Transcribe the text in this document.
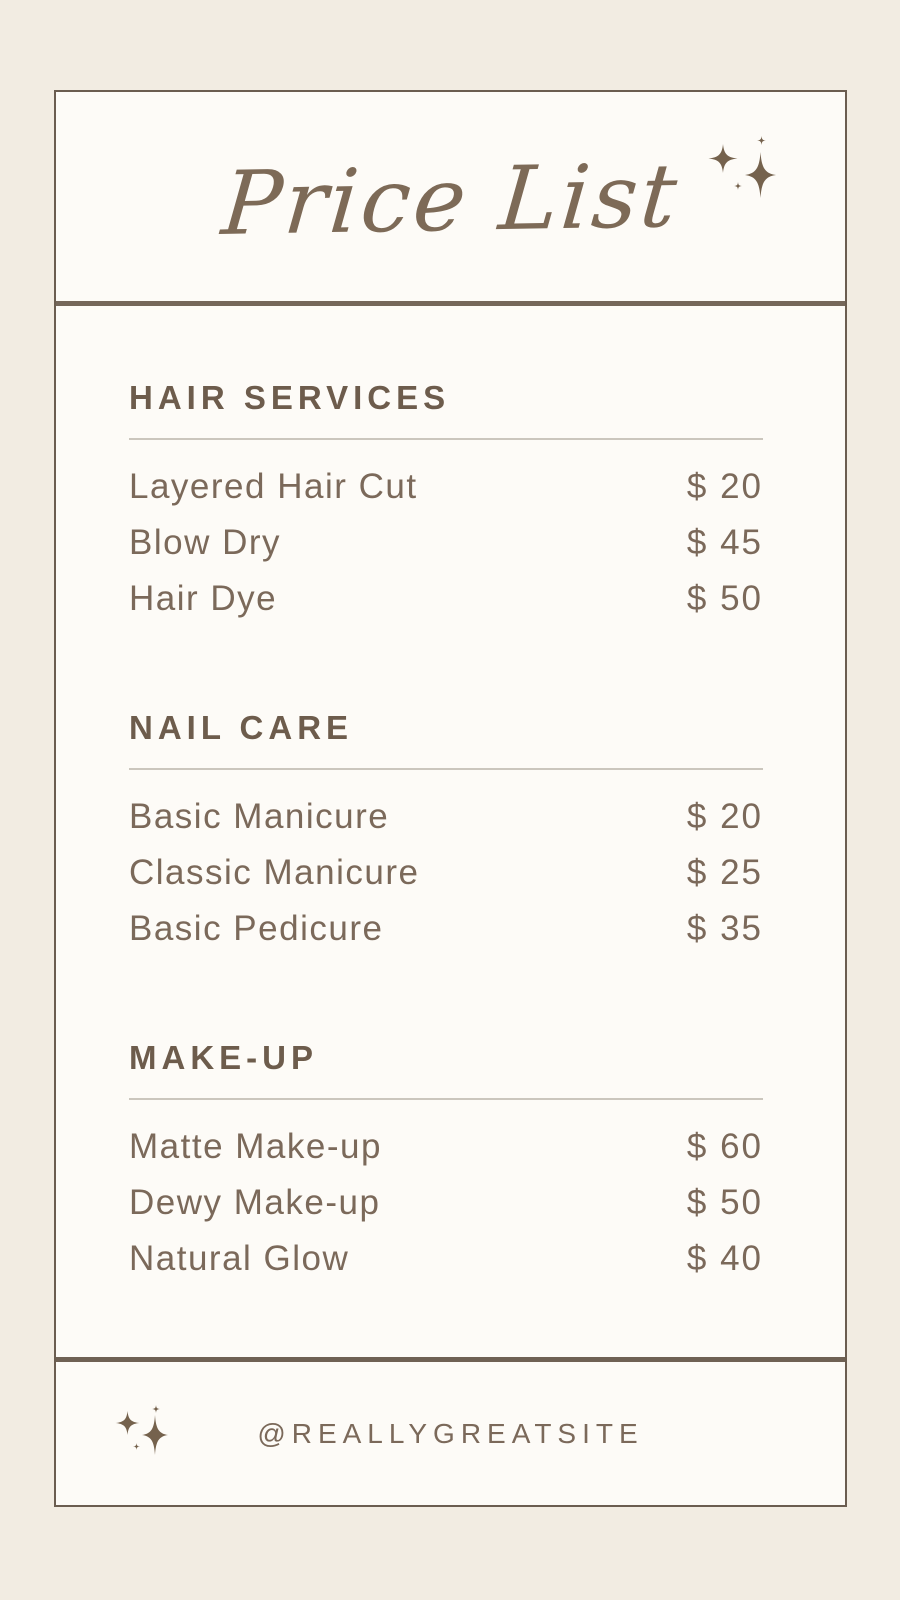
Price List
HAIR SERVICES
Layered Hair Cut	$ 20
Blow Dry	$ 45
Hair Dye	$ 50
NAIL CARE
Basic Manicure	$ 20
Classic Manicure	$ 25
Basic Pedicure	$ 35
MAKE-UP
Matte Make-up	$ 60
Dewy Make-up	$ 50
Natural Glow	$ 40
@REALLYGREATSITE
